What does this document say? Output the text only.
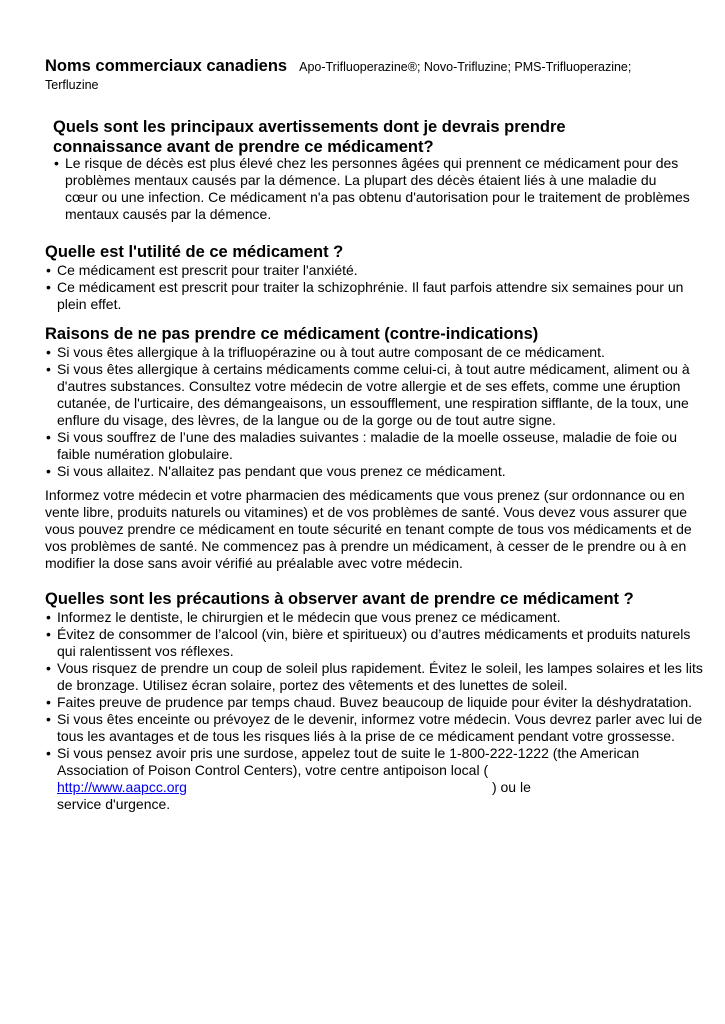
Noms commerciaux canadiens Apo-Trifluoperazine®; Novo-Trifluzine; PMS-Trifluoperazine;
Terfluzine
Quels sont les principaux avertissements dont je devrais prendre connaissance avant de prendre ce médicament?
• Le risque de décès est plus élevé chez les personnes âgées qui prennent ce médicament pour des problèmes mentaux causés par la démence. La plupart des décès étaient liés à une maladie du cœur ou une infection. Ce médicament n'a pas obtenu d'autorisation pour le traitement de problèmes mentaux causés par la démence.
Quelle est l'utilité de ce médicament ?
• Ce médicament est prescrit pour traiter l'anxiété.
• Ce médicament est prescrit pour traiter la schizophrénie. Il faut parfois attendre six semaines pour un plein effet.
Raisons de ne pas prendre ce médicament (contre-indications)
• Si vous êtes allergique à la trifluopérazine ou à tout autre composant de ce médicament.
• Si vous êtes allergique à certains médicaments comme celui-ci, à tout autre médicament, aliment ou à d'autres substances. Consultez votre médecin de votre allergie et de ses effets, comme une éruption cutanée, de l'urticaire, des démangeaisons, un essoufflement, une respiration sifflante, de la toux, une enflure du visage, des lèvres, de la langue ou de la gorge ou de tout autre signe.
• Si vous souffrez de l’une des maladies suivantes : maladie de la moelle osseuse, maladie de foie ou faible numération globulaire.
• Si vous allaitez. N'allaitez pas pendant que vous prenez ce médicament.

Informez votre médecin et votre pharmacien des médicaments que vous prenez (sur ordonnance ou en vente libre, produits naturels ou vitamines) et de vos problèmes de santé. Vous devez vous assurer que vous pouvez prendre ce médicament en toute sécurité en tenant compte de tous vos médicaments et de vos problèmes de santé. Ne commencez pas à prendre un médicament, à cesser de le prendre ou à en modifier la dose sans avoir vérifié au préalable avec votre médecin.

Quelles sont les précautions à observer avant de prendre ce médicament ?
• Informez le dentiste, le chirurgien et le médecin que vous prenez ce médicament.
• Évitez de consommer de l’alcool (vin, bière et spiritueux) ou d’autres médicaments et produits naturels qui ralentissent vos réflexes.
• Vous risquez de prendre un coup de soleil plus rapidement. Évitez le soleil, les lampes solaires et les lits de bronzage. Utilisez écran solaire, portez des vêtements et des lunettes de soleil.
• Faites preuve de prudence par temps chaud. Buvez beaucoup de liquide pour éviter la déshydratation.
• Si vous êtes enceinte ou prévoyez de le devenir, informez votre médecin. Vous devrez parler avec lui de tous les avantages et de tous les risques liés à la prise de ce médicament pendant votre grossesse.
• Si vous pensez avoir pris une surdose, appelez tout de suite le 1-800-222-1222 (the American Association of Poison Control Centers), votre centre antipoison local (
http://www.aapcc.org	) ou le
service d'urgence.
